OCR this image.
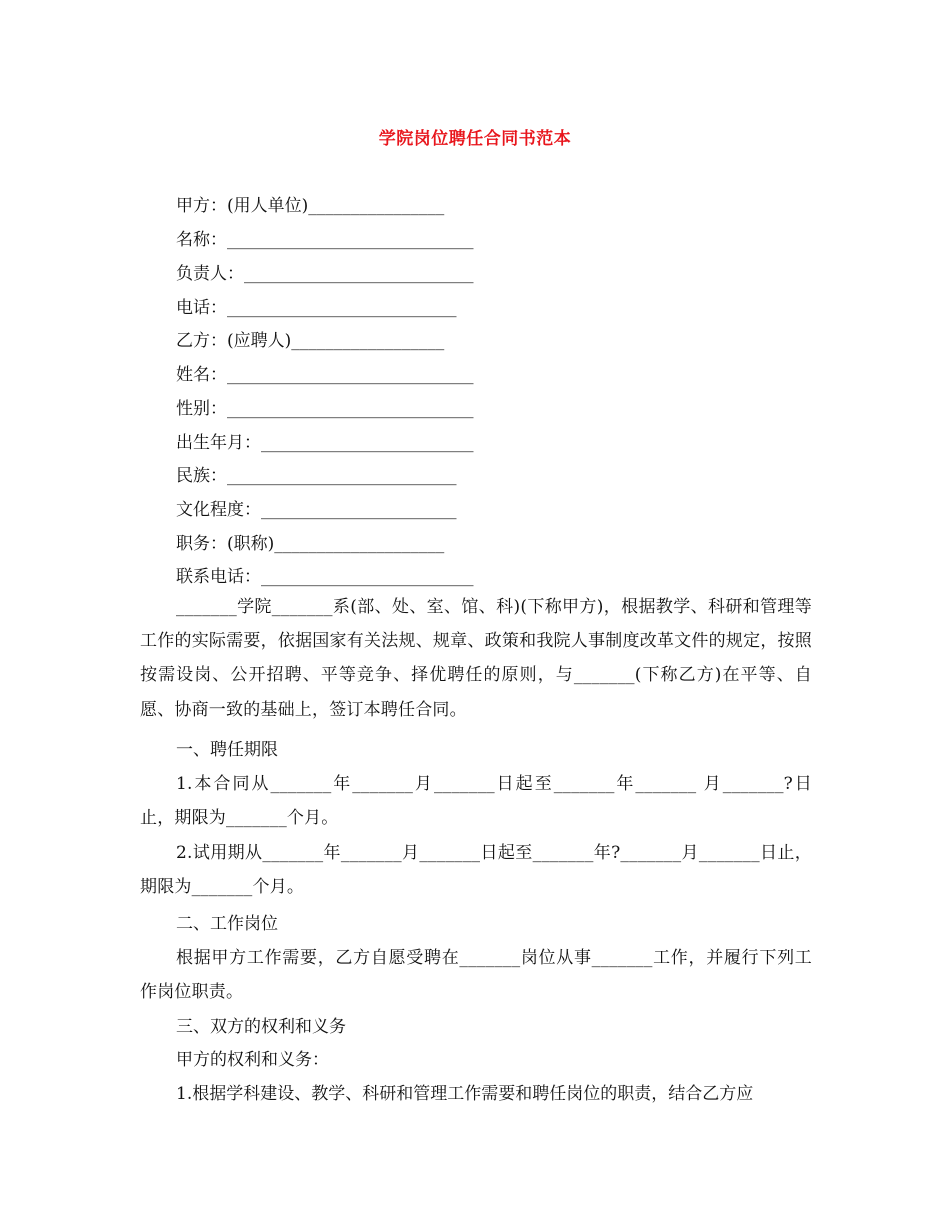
学院岗位聘任合同书范本
甲方：(用人单位)________________
名称：_____________________________
负责人：___________________________
电话：___________________________
乙方：(应聘人)__________________
姓名：_____________________________
性别：_____________________________
出生年月：_________________________
民族：___________________________
文化程度：_______________________
职务：(职称)____________________
联系电话：_________________________

_______学院_______系(部、处、室、馆、科)(下称甲方)，根据教学、科研和管理等工作的实际需要，依据国家有关法规、规章、政策和我院人事制度改革文件的规定，按照按需设岗、公开招聘、平等竞争、择优聘任的原则，与_______(下称乙方)在平等、自愿、协商一致的基础上，签订本聘任合同。

一、聘任期限

1.本合同从_______年_______月_______日起至_______年_______ 月_______?日止，期限为_______个月。

2.试用期从_______年_______月_______日起至_______年?_______月_______日止，期限为_______个月。

二、工作岗位

根据甲方工作需要，乙方自愿受聘在_______岗位从事_______工作，并履行下列工作岗位职责。

三、双方的权利和义务
甲方的权利和义务：
1.根据学科建设、教学、科研和管理工作需要和聘任岗位的职责，结合乙方应
